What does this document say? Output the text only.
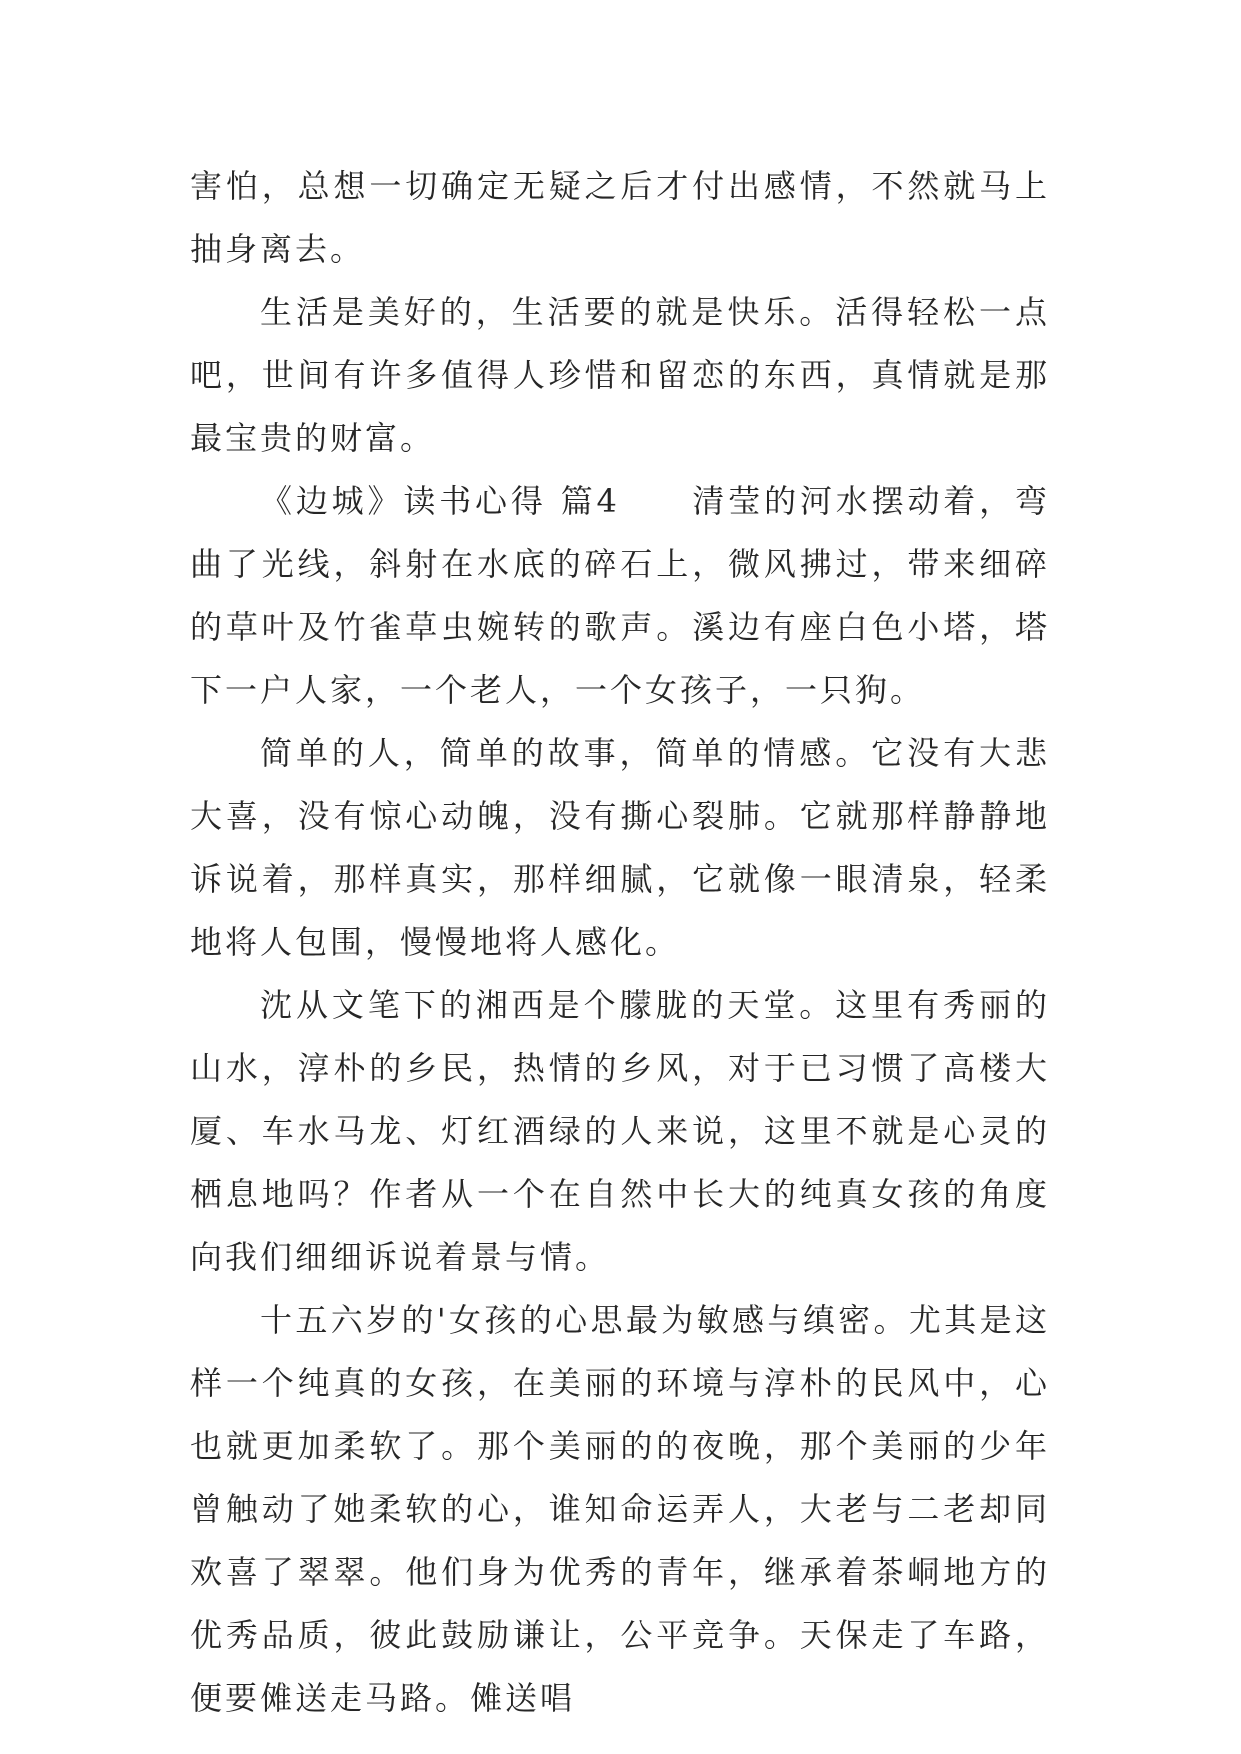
害怕，总想一切确定无疑之后才付出感情，不然就马上抽身离去。

生活是美好的，生活要的就是快乐。活得轻松一点吧，世间有许多值得人珍惜和留恋的东西，真情就是那最宝贵的财富。

《边城》读书心得 篇4　　清莹的河水摆动着，弯曲了光线，斜射在水底的碎石上，微风拂过，带来细碎的草叶及竹雀草虫婉转的歌声。溪边有座白色小塔，塔下一户人家，一个老人，一个女孩子，一只狗。

简单的人，简单的故事，简单的情感。它没有大悲大喜，没有惊心动魄，没有撕心裂肺。它就那样静静地诉说着，那样真实，那样细腻，它就像一眼清泉，轻柔地将人包围，慢慢地将人感化。

沈从文笔下的湘西是个朦胧的天堂。这里有秀丽的山水，淳朴的乡民，热情的乡风，对于已习惯了高楼大厦、车水马龙、灯红酒绿的人来说，这里不就是心灵的栖息地吗？作者从一个在自然中长大的纯真女孩的角度向我们细细诉说着景与情。

十五六岁的'女孩的心思最为敏感与缜密。尤其是这样一个纯真的女孩，在美丽的环境与淳朴的民风中，心也就更加柔软了。那个美丽的的夜晚，那个美丽的少年曾触动了她柔软的心，谁知命运弄人，大老与二老却同欢喜了翠翠。他们身为优秀的青年，继承着茶峒地方的优秀品质，彼此鼓励谦让，公平竞争。天保走了车路，便要傩送走马路。傩送唱
